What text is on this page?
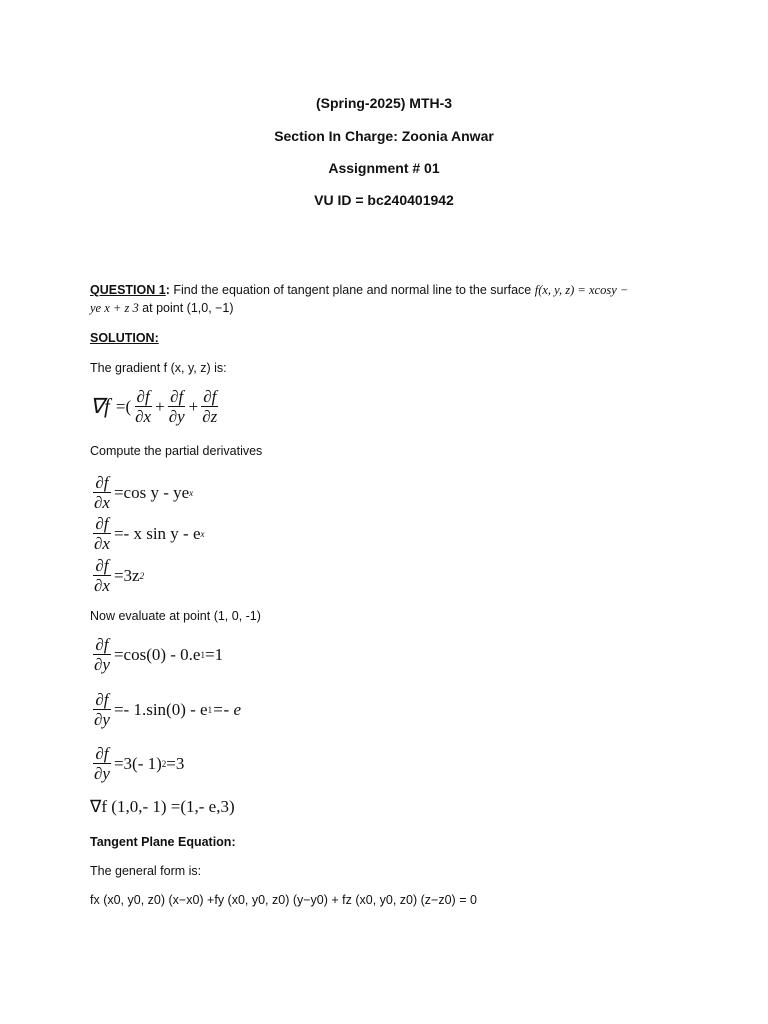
(Spring-2025) MTH-3
Section In Charge: Zoonia Anwar
Assignment # 01
VU ID = bc240401942
QUESTION 1: Find the equation of tangent plane and normal line to the surface f(x, y, z) = xcosy −
ye x + z 3 at point (1,0, −1)
SOLUTION:
The gradient f (x, y, z) is:
∇f =( $\frac{\partial f}{\partial x} + \frac{\partial f}{\partial y} + \frac{\partial f}{\partial z}$
Compute the partial derivatives
$\frac{\partial f}{\partial x} =\cos$ y - ye x
$\frac{\partial f}{\partial x} =- x$ sin y - e x
$\frac{\partial f}{\partial x} =3z$ 2
Now evaluate at point (1, 0, -1)
$\frac{\partial f}{\partial y} =\cos(0) - 0.e$ 1 =1
$\frac{\partial f}{\partial y} =- 1.\sin(0) - e$ 1 =- e
$\frac{\partial f}{\partial y} =3(-$ 1) 2 =3
∇f (1,0,- 1) =(1,- e,3)
Tangent Plane Equation:
The general form is:
fx (x0, y0, z0) (x−x0) +fy (x0, y0, z0) (y−y0) + fz (x0, y0, z0) (z−z0) = 0
